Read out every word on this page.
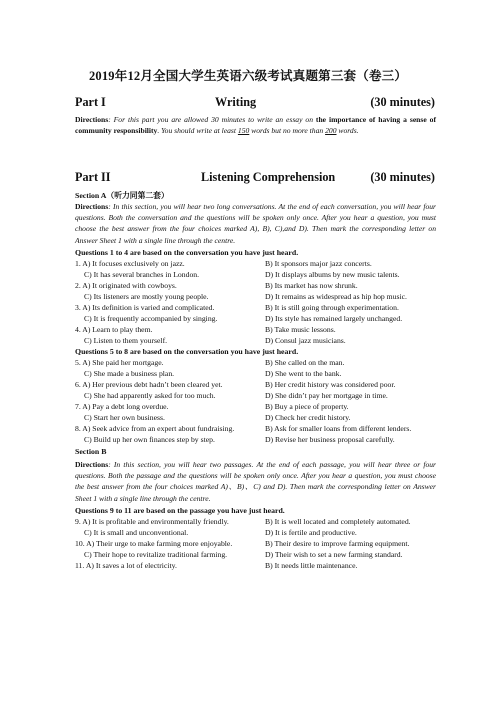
2019年12月全国大学生英语六级考试真题第三套（卷三）
Part I	Writing	(30 minutes)
Directions: For this part you are allowed 30 minutes to write an essay on the importance of having a sense of community responsibility. You should write at least 150 words but no more than 200 words.
Part II	Listening Comprehension	(30 minutes)
Section A（听力同第二套）
Directions: In this section, you will hear two long conversations. At the end of each conversation, you will hear four questions. Both the conversation and the questions will be spoken only once. After you hear a question, you must choose the best answer from the four choices marked A), B), C),and D). Then mark the corresponding letter on Answer Sheet 1 with a single line through the centre.
Questions 1 to 4 are based on the conversation you have just heard.
1. A) It focuses exclusively on jazz.	B) It sponsors major jazz concerts.
C) It has several branches in London.	D) It displays albums by new music talents.
2. A) It originated with cowboys.	B) Its market has now shrunk.
C) Its listeners are mostly young people.	D) It remains as widespread as hip hop music.
3. A) Its definition is varied and complicated.	B) It is still going through experimentation.
C) It is frequently accompanied by singing.	D) Its style has remained largely unchanged.
4. A) Learn to play them.	B) Take music lessons.
C) Listen to them yourself.	D) Consul jazz musicians.
Questions 5 to 8 are based on the conversation you have just heard.
5. A) She paid her mortgage.	B) She called on the man.
C) She made a business plan.	D) She went to the bank.
6. A) Her previous debt hadn’t been cleared yet.	B) Her credit history was considered poor.
C) She had apparently asked for too much.	D) She didn’t pay her mortgage in time.
7. A) Pay a debt long overdue.	B) Buy a piece of property.
C) Start her own business.	D) Check her credit history.
8. A) Seek advice from an expert about fundraising.	B) Ask for smaller loans from different lenders.
C) Build up her own finances step by step.	D) Revise her business proposal carefully.
Section B
Directions: In this section, you will hear two passages. At the end of each passage, you will hear three or four questions. Both the passage and the questions will be spoken only once. After you hear a question, you must choose the best answer from the four choices marked A)、B)、C) and D). Then mark the corresponding letter on Answer Sheet 1 with a single line through the centre.
Questions 9 to 11 are based on the passage you have just heard.
9. A) It is profitable and environmentally friendly.	B) It is well located and completely automated.
C) It is small and unconventional.	D) It is fertile and productive.
10. A) Their urge to make farming more enjoyable.	B) Their desire to improve farming equipment.
C) Their hope to revitalize traditional farming.	D) Their wish to set a new farming standard.
11. A) It saves a lot of electricity.	B) It needs little maintenance.
